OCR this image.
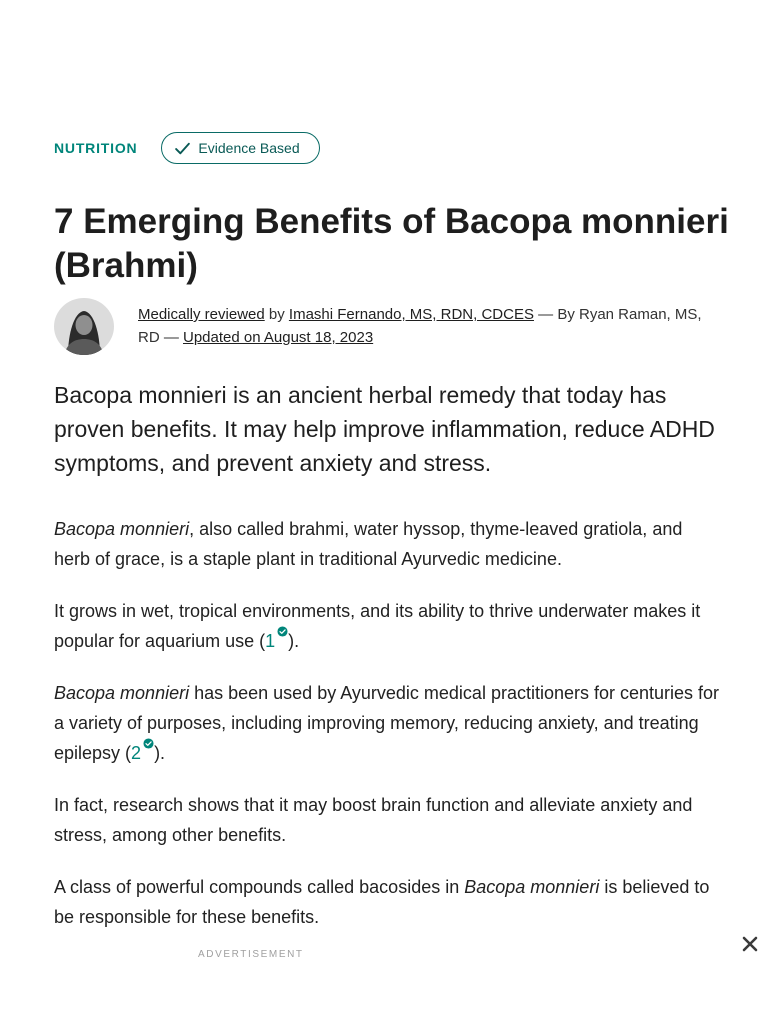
NUTRITION	Evidence Based
7 Emerging Benefits of Bacopa monnieri (Brahmi)
Medically reviewed by Imashi Fernando, MS, RDN, CDCES — By Ryan Raman, MS, RD — Updated on August 18, 2023

Bacopa monnieri is an ancient herbal remedy that today has proven benefits. It may help improve inflammation, reduce ADHD symptoms, and prevent anxiety and stress.

Bacopa monnieri, also called brahmi, water hyssop, thyme-leaved gratiola, and herb of grace, is a staple plant in traditional Ayurvedic medicine.

It grows in wet, tropical environments, and its ability to thrive underwater makes it popular for aquarium use (1 ).

Bacopa monnieri has been used by Ayurvedic medical practitioners for centuries for a variety of purposes, including improving memory, reducing anxiety, and treating epilepsy (2 ).

In fact, research shows that it may boost brain function and alleviate anxiety and stress, among other benefits.

A class of powerful compounds called bacosides in Bacopa monnieri is believed to be responsible for these benefits.

ADVERTISEMENT
